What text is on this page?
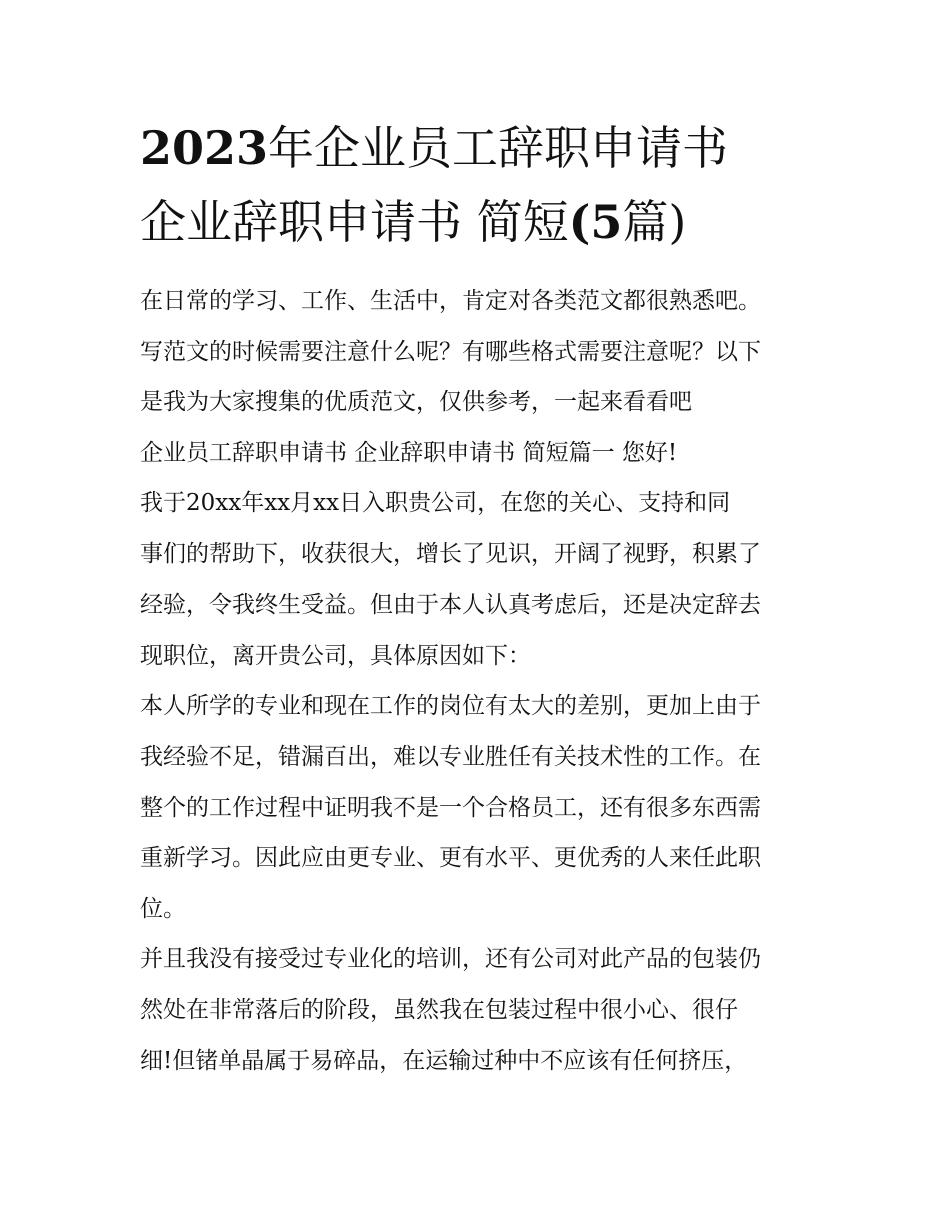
2023年企业员工辞职申请书
企业辞职申请书 简短(5篇)

在日常的学习、工作、生活中，肯定对各类范文都很熟悉吧。

写范文的时候需要注意什么呢？有哪些格式需要注意呢？以下

是我为大家搜集的优质范文，仅供参考，一起来看看吧

企业员工辞职申请书 企业辞职申请书 简短篇一 您好!

我于20xx年xx月xx日入职贵公司，在您的关心、支持和同

事们的帮助下，收获很大，增长了见识，开阔了视野，积累了

经验，令我终生受益。但由于本人认真考虑后，还是决定辞去

现职位，离开贵公司，具体原因如下：

本人所学的专业和现在工作的岗位有太大的差别，更加上由于

我经验不足，错漏百出，难以专业胜任有关技术性的工作。在

整个的工作过程中证明我不是一个合格员工，还有很多东西需

重新学习。因此应由更专业、更有水平、更优秀的人来任此职

位。

并且我没有接受过专业化的培训，还有公司对此产品的包装仍

然处在非常落后的阶段，虽然我在包装过程中很小心、很仔

细!但锗单晶属于易碎品，在运输过种中不应该有任何挤压，
